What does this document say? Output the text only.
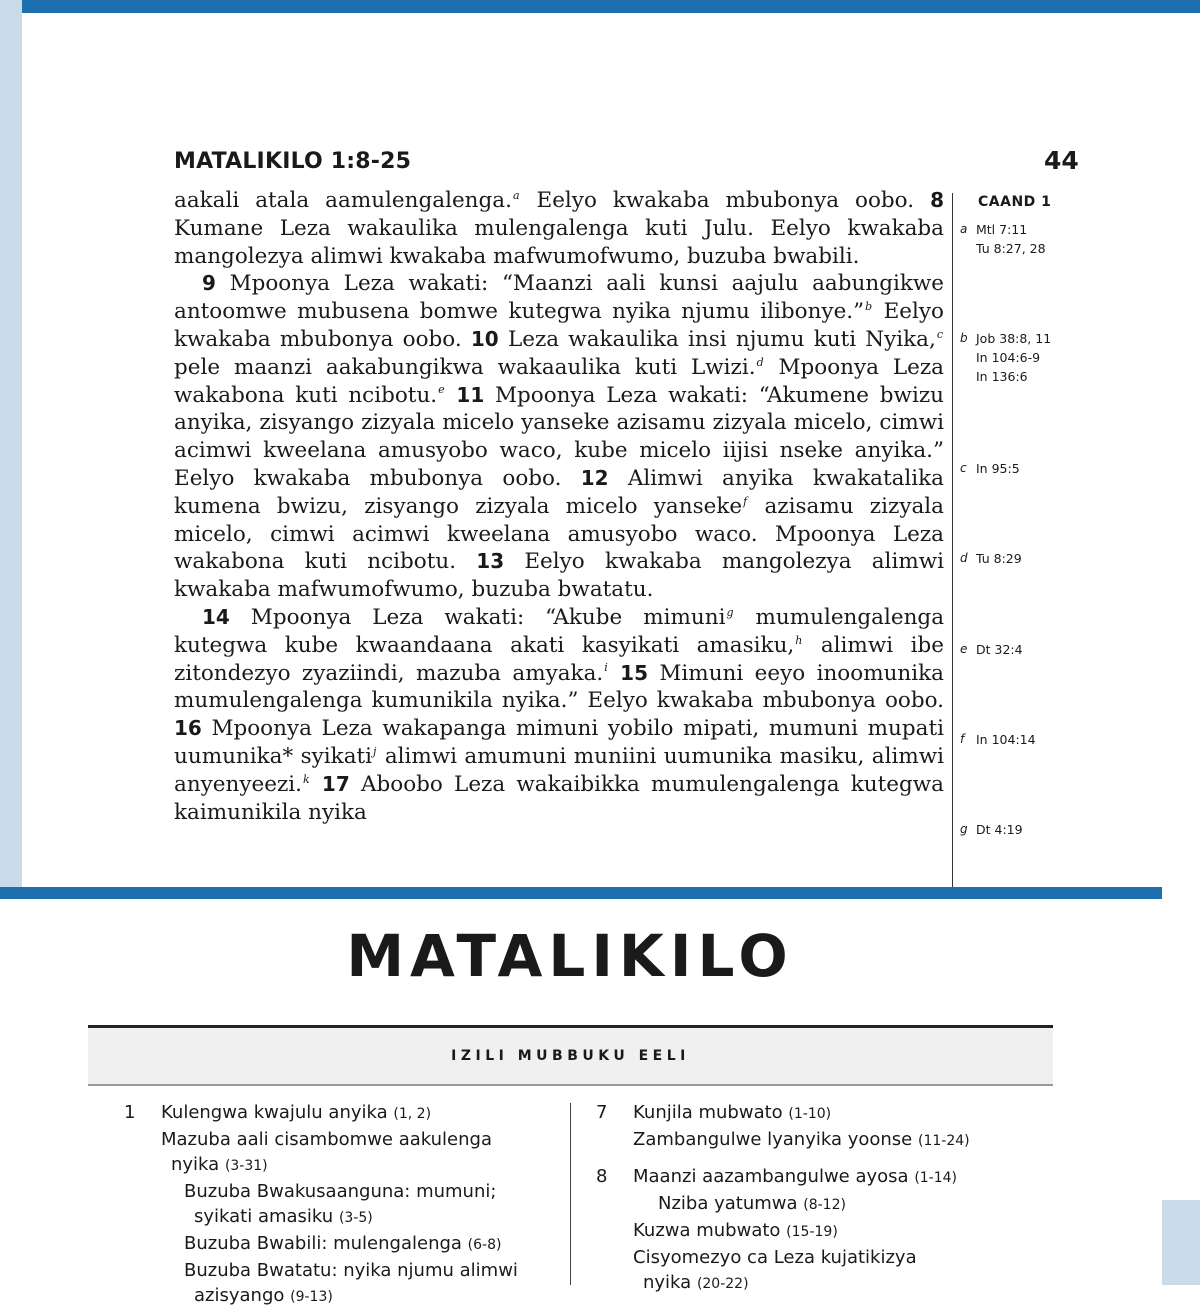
MATALIKILO 1:8-25	44

aakali atala aamulengalenga.$^a$ Eelyo kwakaba mbubonya oobo. 8 Kumane Leza wakaulika mulengalenga kuti Julu. Eelyo kwakaba mangolezya alimwi kwakaba mafwumofwumo, buzuba bwabili.

9 Mpoonya Leza wakati: “Maanzi aali kunsi aajulu aabungikwe antoomwe mubusena bomwe kutegwa nyika njumu ilibonye.”$^b$ Eelyo kwakaba mbubonya oobo. 10 Leza wakaulika insi njumu kuti Nyika,$^c$ pele maanzi aakabungikwa wakaaulika kuti Lwizi.$^d$ Mpoonya Leza wakabona kuti ncibotu.$^e$ 11 Mpoonya Leza wakati: “Akumene bwizu anyika, zisyango zizyala micelo yanseke azisamu zizyala micelo, cimwi acimwi kweelana amusyobo waco, kube micelo iijisi nseke anyika.” Eelyo kwakaba mbubonya oobo. 12 Alimwi anyika kwakatalika kumena bwizu, zisyango zizyala micelo yanseke$^f$ azisamu zizyala micelo, cimwi acimwi kweelana amusyobo waco. Mpoonya Leza wakabona kuti ncibotu. 13 Eelyo kwakaba mangolezya alimwi kwakaba mafwumofwumo, buzuba bwatatu.

14 Mpoonya Leza wakati: “Akube mimuni$^g$ mumulengalenga kutegwa kube kwaandaana akati kasyikati amasiku,$^h$ alimwi ibe zitondezyo zyaziindi, mazuba amyaka.$^i$ 15 Mimuni eeyo inoomunika mumulengalenga kumunikila nyika.” Eelyo kwakaba mbubonya oobo. 16 Mpoonya Leza wakapanga mimuni yobilo mipati, mumuni mupati uumunika* syikati$^j$ alimwi amumuni muniini uumunika masiku, alimwi anyenyeezi.$^k$ 17 Aboobo Leza wakaibikka mumulengalenga kutegwa kaimunikila nyika

CAAND 1
a Mtl 7:11
Tu 8:27, 28
b Job 38:8, 11
In 104:6-9
In 136:6
c In 95:5
d Tu 8:29
e Dt 32:4
f In 104:14
g Dt 4:19
MATALIKILO
IZILI MUBBUKU EELI
1	Kulengwa kwajulu anyika (1, 2)
Mazuba aali cisambomwe aakulenga
nyika (3-31)
Buzuba Bwakusaanguna: mumuni;
syikati amasiku (3-5)
Buzuba Bwabili: mulengalenga (6-8)
Buzuba Bwatatu: nyika njumu alimwi
azisyango (9-13)
7	Kunjila mubwato (1-10)
Zambangulwe lyanyika yoonse (11-24)
8	Maanzi aazambangulwe ayosa (1-14)
Nziba yatumwa (8-12)
Kuzwa mubwato (15-19)
Cisyomezyo ca Leza kujatikizya
nyika (20-22)
